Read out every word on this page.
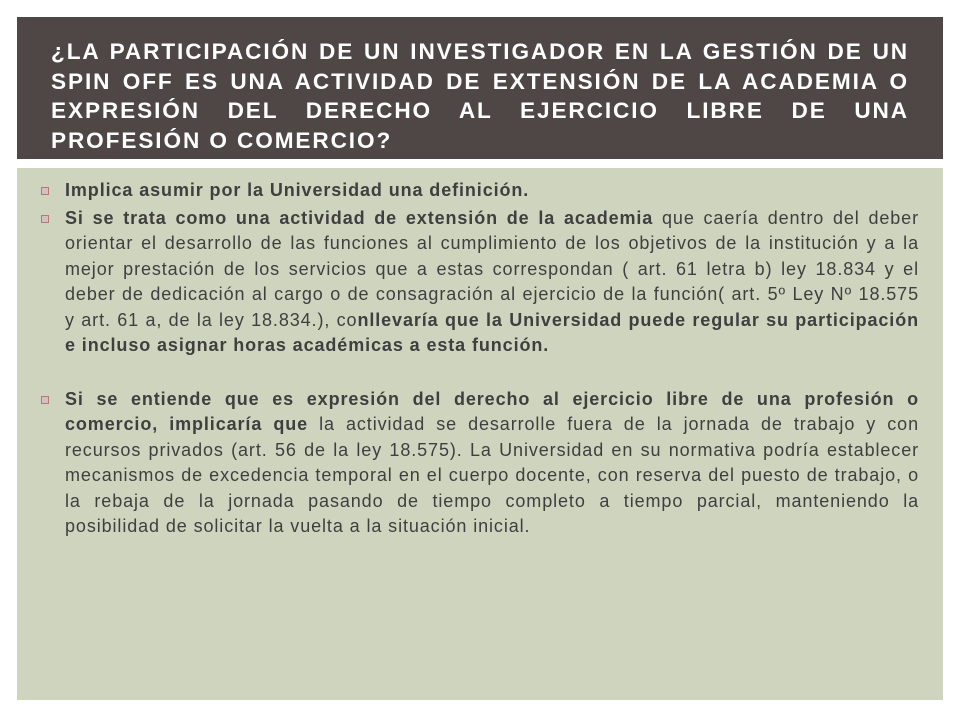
¿LA PARTICIPACIÓN DE UN INVESTIGADOR EN LA GESTIÓN DE UN SPIN OFF ES UNA ACTIVIDAD DE EXTENSIÓN DE LA ACADEMIA O EXPRESIÓN DEL DERECHO AL EJERCICIO LIBRE DE UNA PROFESIÓN O COMERCIO?
Implica asumir por la Universidad una definición.
Si se trata como una actividad de extensión de la academia que caería dentro del deber orientar el desarrollo de las funciones al cumplimiento de los objetivos de la institución y a la mejor prestación de los servicios que a estas correspondan ( art. 61 letra b) ley 18.834 y el deber de dedicación al cargo o de consagración al ejercicio de la función( art. 5º Ley Nº 18.575 y art. 61 a, de la ley 18.834.), conllevaría que la Universidad puede regular su participación e incluso asignar horas académicas a esta función.
Si se entiende que es expresión del derecho al ejercicio libre de una profesión o comercio, implicaría que la actividad se desarrolle fuera de la jornada de trabajo y con recursos privados (art. 56 de la ley 18.575). La Universidad en su normativa podría establecer mecanismos de excedencia temporal en el cuerpo docente, con reserva del puesto de trabajo, o la rebaja de la jornada pasando de tiempo completo a tiempo parcial, manteniendo la posibilidad de solicitar la vuelta a la situación inicial.
